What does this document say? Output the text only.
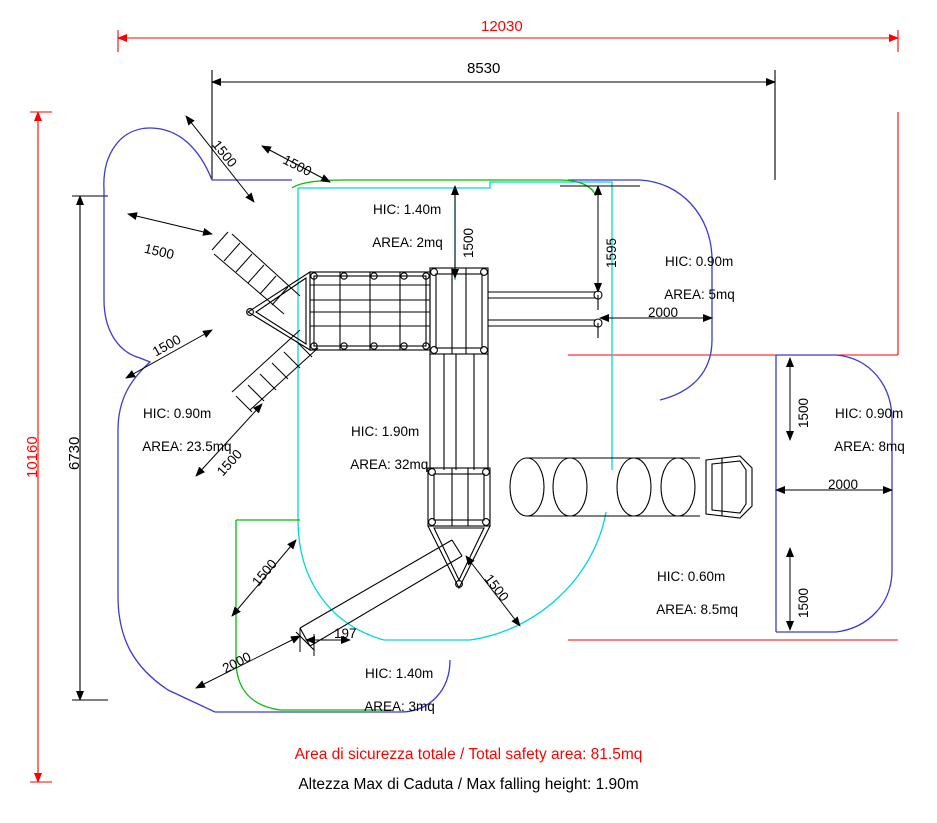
12030
8530
10160 6730
1500	1500
1500
1500
1500
1500	1595
2000
1500
2000
1500
1500
2000
197
1500

HIC: 1.40m

AREA: 2mq

HIC: 0.90m

AREA: 5mq

HIC: 0.90m

AREA: 23.5mq

HIC: 1.90m

AREA: 32mq

HIC: 0.90m

AREA: 8mq

HIC: 0.60m

AREA: 8.5mq

HIC: 1.40m

AREA: 3mq

Area di sicurezza totale / Total safety area: 81.5mq
Altezza Max di Caduta / Max falling height: 1.90m
